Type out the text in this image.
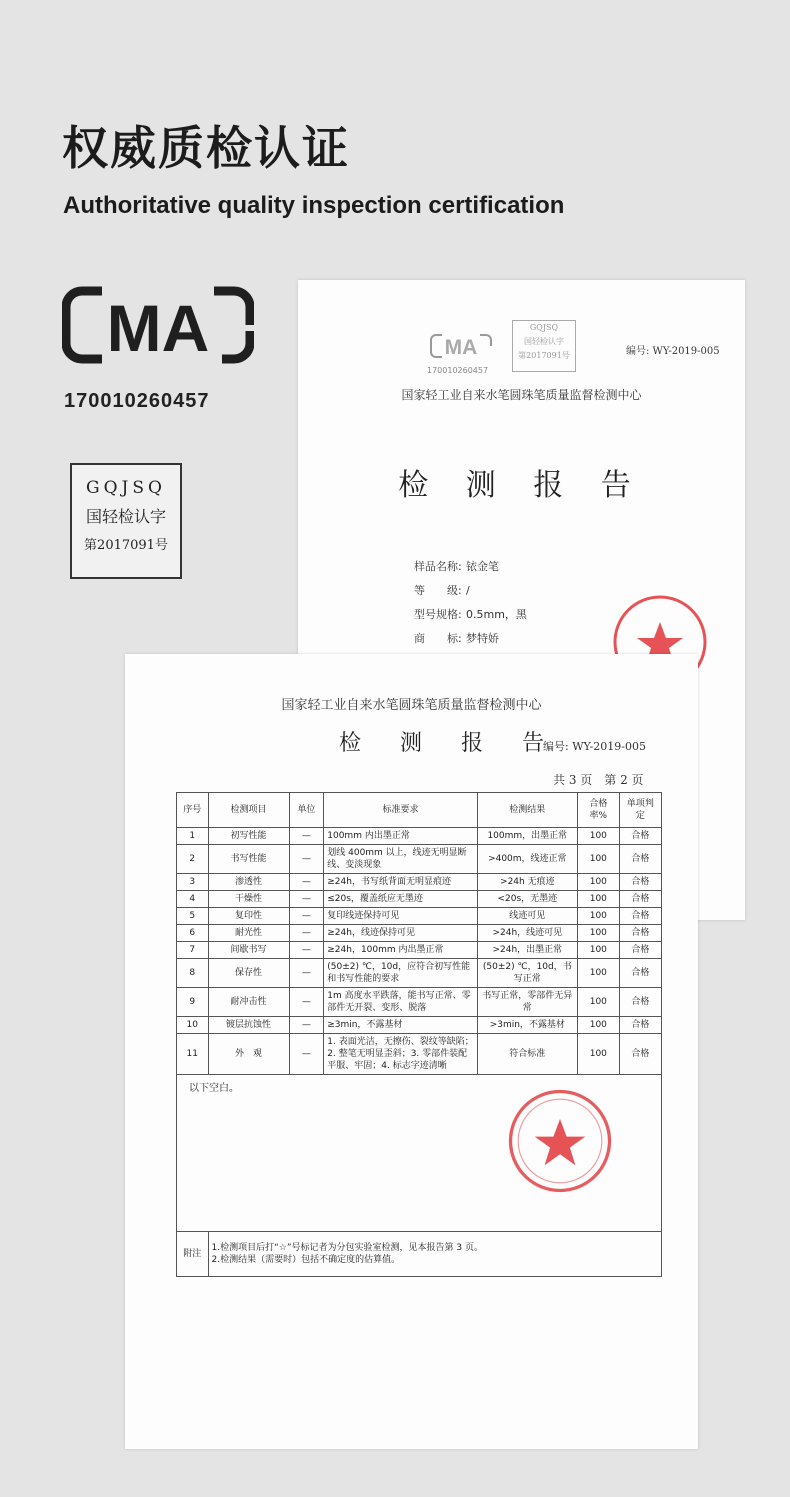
权威质检认证
Authoritative quality inspection certification
MA
170010260457
GQJSQ
国轻检认字
第2017091号
MA
170010260457
GQJSQ
国轻检认字
第2017091号	编号: WY-2019-005
国家轻工业自来水笔圆珠笔质量监督检测中心
检 测 报 告
样品名称: 铱金笔
等　　级: /
型号规格: 0.5mm，黑
商　　标: 梦特娇
国家轻工业自来水笔圆珠笔质量监督检测中心
检 测 报 告
编号: WY-2019-005
共 3 页　第 2 页
序号	检测项目	单位	标准要求	检测结果	合格率%	单项判定
1	初写性能	—	100mm 内出墨正常	100mm，出墨正常	100	合格
2	书写性能	—	划线 400mm 以上，线迹无明显断线、变淡现象	>400m，线迹正常	100	合格
3	渗透性	—	≥24h，书写纸背面无明显痕迹	>24h 无痕迹	100	合格
4	干燥性	—	≤20s，覆盖纸应无墨迹	<20s，无墨迹	100	合格
5	复印性	—	复印线迹保持可见	线迹可见	100	合格
6	耐光性	—	≥24h，线迹保持可见	>24h，线迹可见	100	合格
7	间歇书写	—	≥24h，100mm 内出墨正常	>24h，出墨正常	100	合格
8	保存性	—	(50±2) ℃，10d，应符合初写性能和书写性能的要求	(50±2) ℃，10d，书写正常	100	合格
9	耐冲击性	—	1m 高度水平跌落，能书写正常、零部件无开裂、变形、脱落	书写正常，零部件无异常	100	合格
10	镀层抗蚀性	—	≥3min，不露基材	>3min，不露基材	100	合格
11	外　观	—	1. 表面光洁，无擦伤、裂纹等缺陷；2. 整笔无明显歪斜；3. 零部件装配平服、牢固；4. 标志字迹清晰	符合标准	100	合格
以下空白。						
附注	1.检测项目后打“☆”号标记者为分包实验室检测，见本报告第 3 页。
2.检测结果（需要时）包括不确定度的估算值。					
